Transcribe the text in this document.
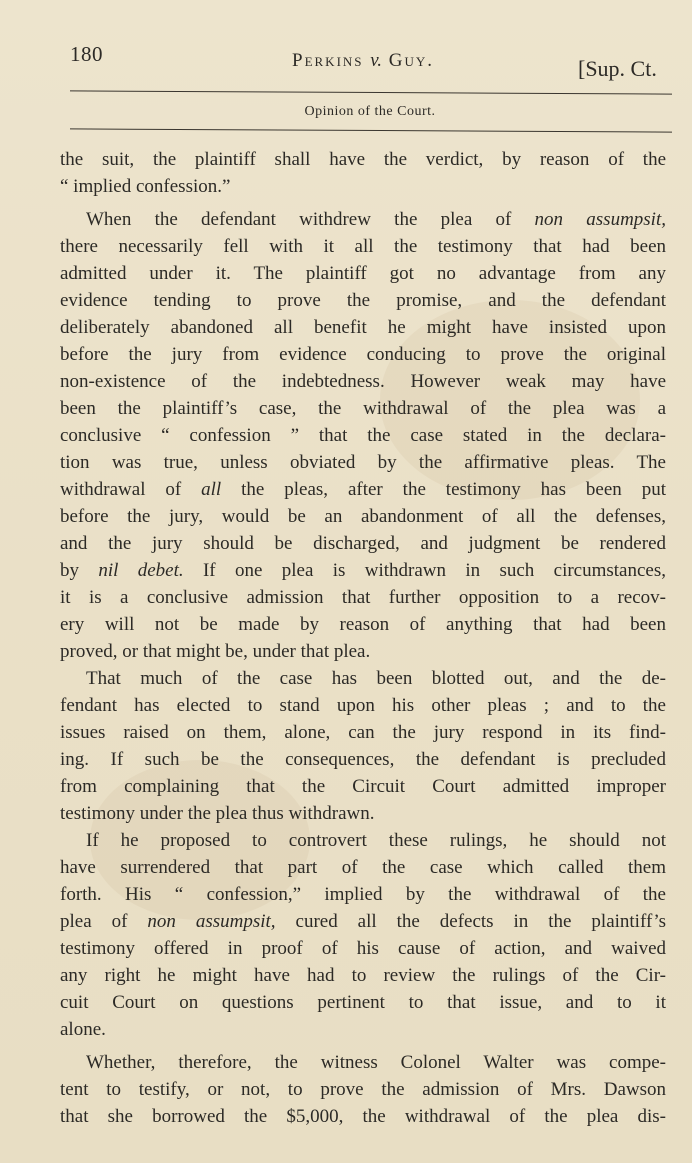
180	Perkins v. Guy.	[Sup. Ct.
Opinion of the Court.
the suit, the plaintiff shall have the verdict, by reason of the
“ implied confession.”
When the defendant withdrew the plea of non assumpsit,
there necessarily fell with it all the testimony that had been
admitted under it. The plaintiff got no advantage from any
evidence tending to prove the promise, and the defendant
deliberately abandoned all benefit he might have insisted upon
before the jury from evidence conducing to prove the original
non-existence of the indebtedness. However weak may have
been the plaintiff’s case, the withdrawal of the plea was a
conclusive “ confession ” that the case stated in the declara-
tion was true, unless obviated by the affirmative pleas. The
withdrawal of all the pleas, after the testimony has been put
before the jury, would be an abandonment of all the defenses,
and the jury should be discharged, and judgment be rendered
by nil debet. If one plea is withdrawn in such circumstances,
it is a conclusive admission that further opposition to a recov-
ery will not be made by reason of anything that had been
proved, or that might be, under that plea.
That much of the case has been blotted out, and the de-
fendant has elected to stand upon his other pleas ; and to the
issues raised on them, alone, can the jury respond in its find-
ing. If such be the consequences, the defendant is precluded
from complaining that the Circuit Court admitted improper
testimony under the plea thus withdrawn.
If he proposed to controvert these rulings, he should not
have surrendered that part of the case which called them
forth. His “ confession,” implied by the withdrawal of the
plea of non assumpsit, cured all the defects in the plaintiff’s
testimony offered in proof of his cause of action, and waived
any right he might have had to review the rulings of the Cir-
cuit Court on questions pertinent to that issue, and to it
alone.
Whether, therefore, the witness Colonel Walter was compe-
tent to testify, or not, to prove the admission of Mrs. Dawson
that she borrowed the $5,000, the withdrawal of the plea dis-
